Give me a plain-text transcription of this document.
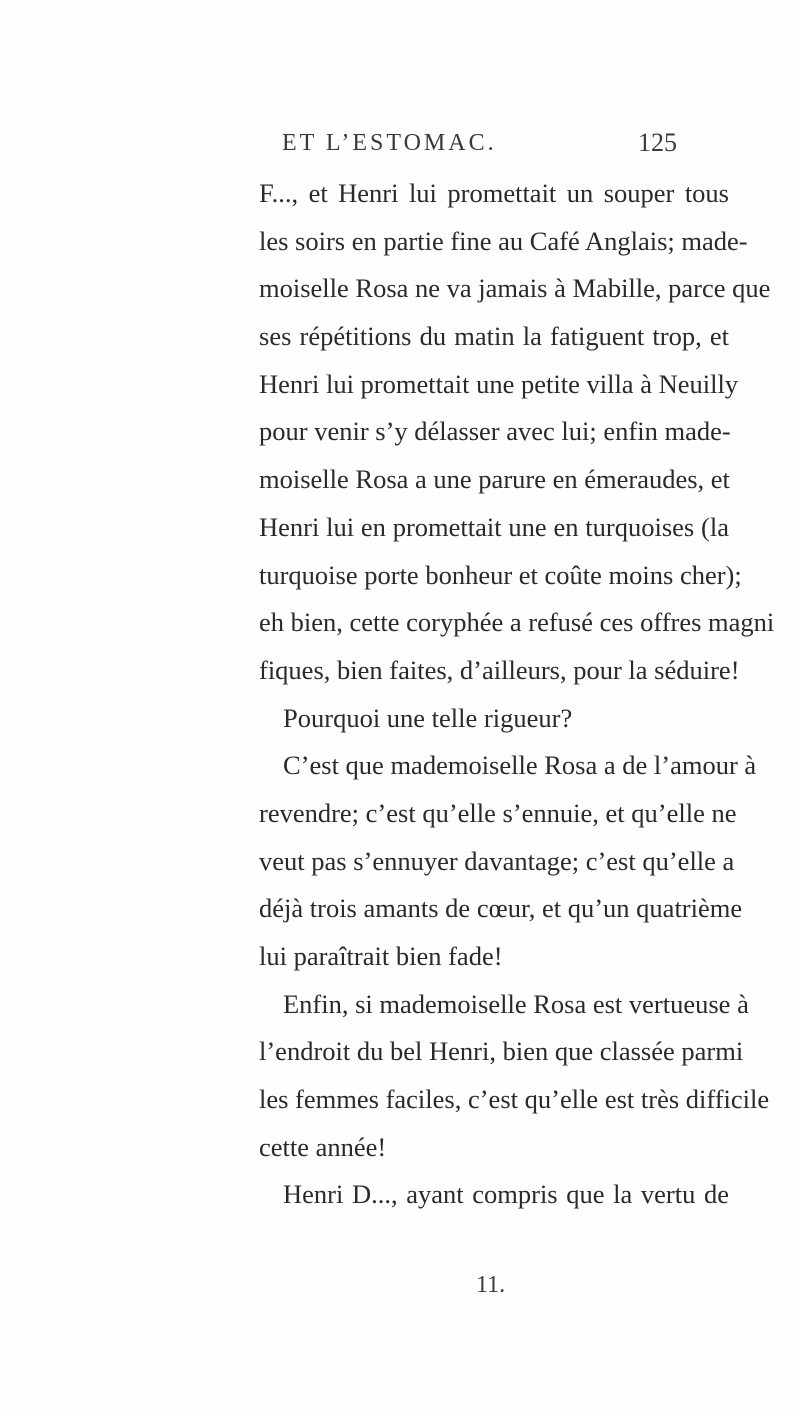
ET L’ESTOMAC.	125
F..., et Henri lui promettait un souper tous
les soirs en partie fine au Café Anglais; made-
moiselle Rosa ne va jamais à Mabille, parce que
ses répétitions du matin la fatiguent trop, et
Henri lui promettait une petite villa à Neuilly
pour venir s’y délasser avec lui; enfin made-
moiselle Rosa a une parure en émeraudes, et
Henri lui en promettait une en turquoises (la
turquoise porte bonheur et coûte moins cher);
eh bien, cette coryphée a refusé ces offres magni
fiques, bien faites, d’ailleurs, pour la séduire!
Pourquoi une telle rigueur?
C’est que mademoiselle Rosa a de l’amour à
revendre; c’est qu’elle s’ennuie, et qu’elle ne
veut pas s’ennuyer davantage; c’est qu’elle a
déjà trois amants de cœur, et qu’un quatrième
lui paraîtrait bien fade!
Enfin, si mademoiselle Rosa est vertueuse à
l’endroit du bel Henri, bien que classée parmi
les femmes faciles, c’est qu’elle est très difficile
cette année!
Henri D..., ayant compris que la vertu de
11.
